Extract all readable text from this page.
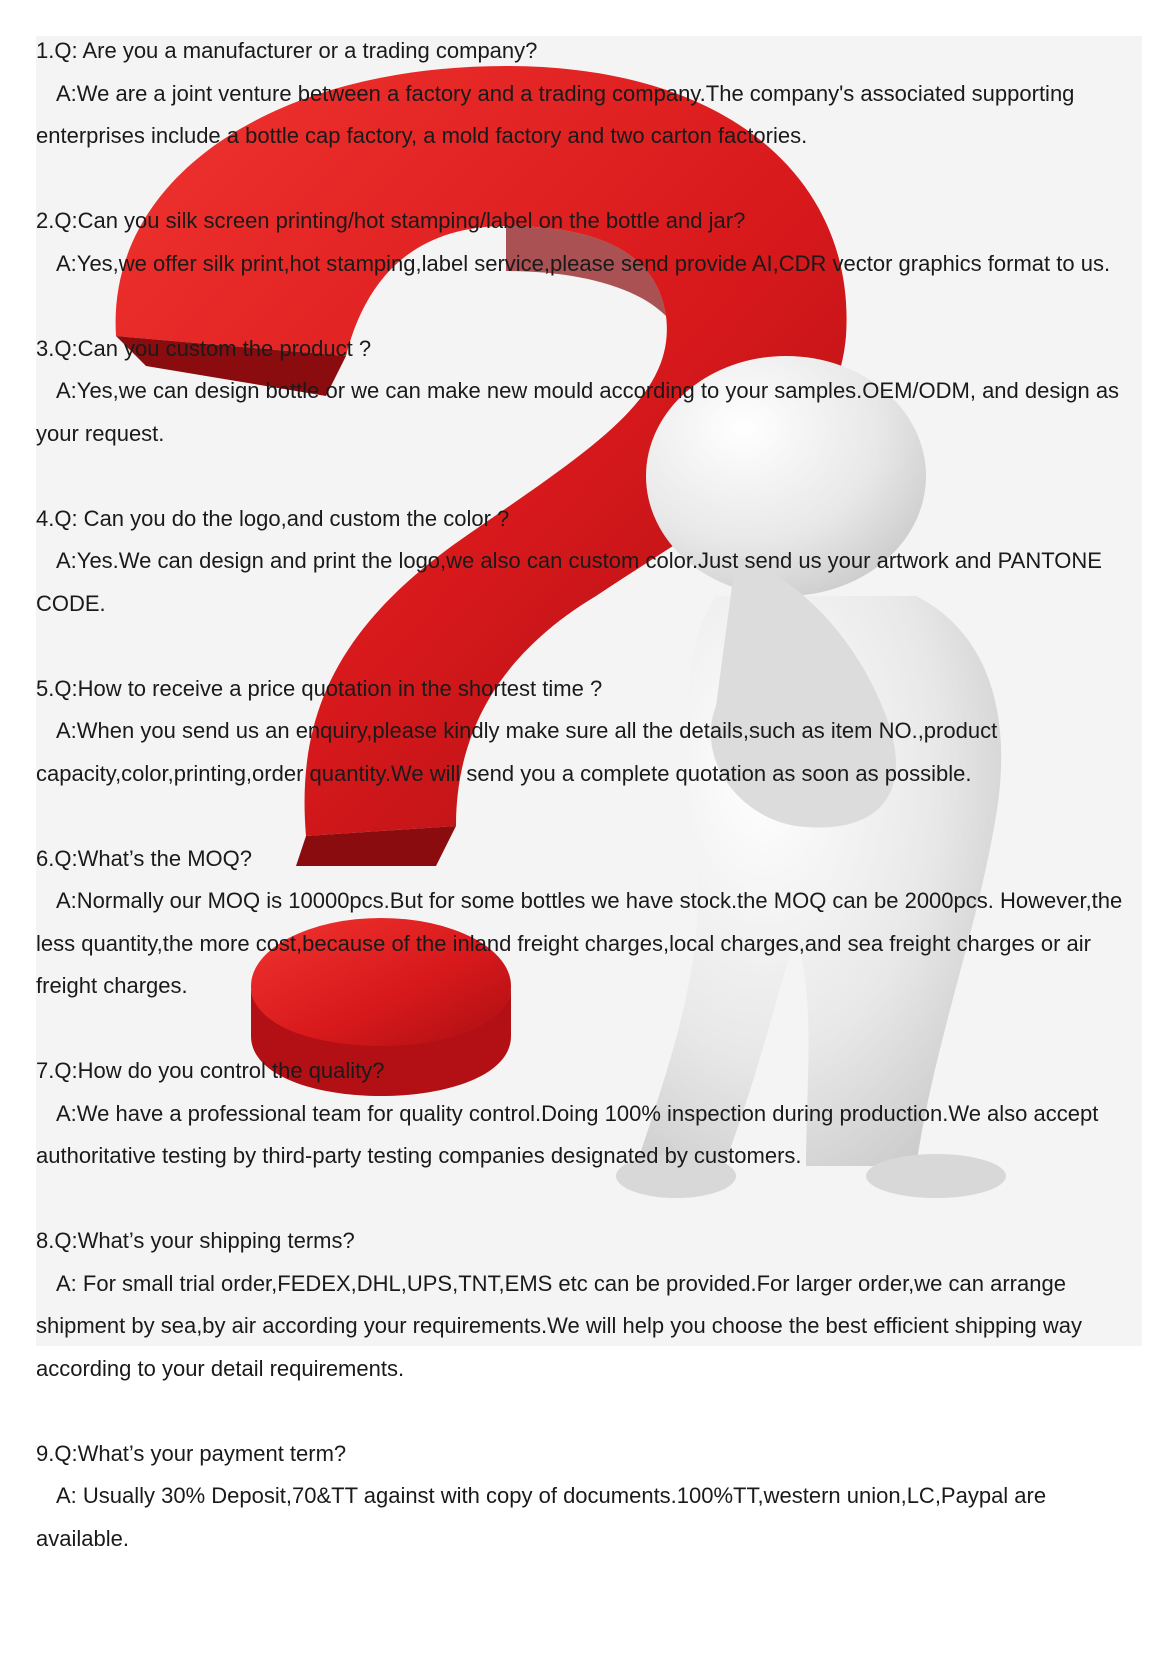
1.Q: Are you a manufacturer or a trading company?

A:We are a joint venture between a factory and a trading company.The company's associated supporting enterprises include a bottle cap factory, a mold factory and two carton factories.

2.Q:Can you silk screen printing/hot stamping/label on the bottle and jar?

A:Yes,we offer silk print,hot stamping,label service,please send provide AI,CDR vector graphics format to us.

3.Q:Can you custom the product ?

A:Yes,we can design bottle or we can make new mould according to your samples.OEM/ODM, and design as your request.

4.Q: Can you do the logo,and custom the color ?

A:Yes.We can design and print the logo,we also can custom color.Just send us your artwork and PANTONE CODE.

5.Q:How to receive a price quotation in the shortest time ?

A:When you send us an enquiry,please kindly make sure all the details,such as item NO.,product capacity,color,printing,order quantity.We will send you a complete quotation as soon as possible.

6.Q:What’s the MOQ?

A:Normally our MOQ is 10000pcs.But for some bottles we have stock.the MOQ can be 2000pcs. However,the less quantity,the more cost,because of the inland freight charges,local charges,and sea freight charges or air freight charges.

7.Q:How do you control the quality?

A:We have a professional team for quality control.Doing 100% inspection during production.We also accept authoritative testing by third-party testing companies designated by customers.

8.Q:What’s your shipping terms?

A: For small trial order,FEDEX,DHL,UPS,TNT,EMS etc can be provided.For larger order,we can arrange shipment by sea,by air according your requirements.We will help you choose the best efficient shipping way according to your detail requirements.

9.Q:What’s your payment term?

A: Usually 30% Deposit,70&TT against with copy of documents.100%TT,western union,LC,Paypal are available.
